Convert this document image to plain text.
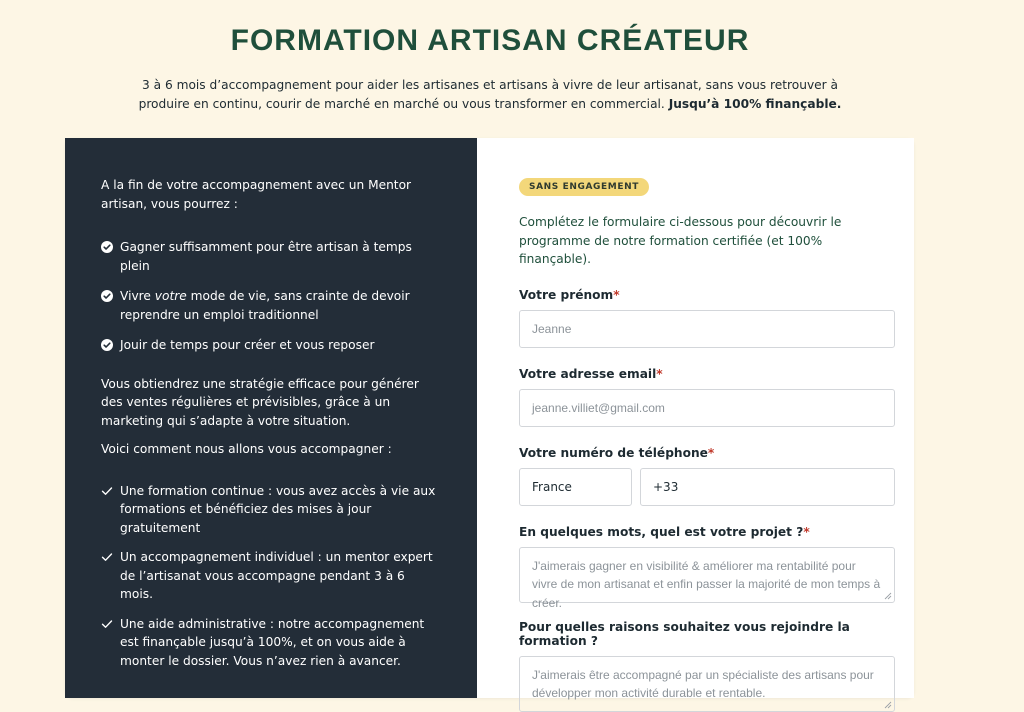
FORMATION ARTISAN CRÉATEUR

3 à 6 mois d’accompagnement pour aider les artisanes et artisans à vivre de leur artisanat, sans vous retrouver à produire en continu, courir de marché en marché ou vous transformer en commercial. Jusqu’à 100% finançable.

A la fin de votre accompagnement avec un Mentor artisan, vous pourrez :

Gagner suffisamment pour être artisan à temps plein
Vivre votre mode de vie, sans crainte de devoir reprendre un emploi traditionnel
Jouir de temps pour créer et vous reposer

Vous obtiendrez une stratégie efficace pour générer des ventes régulières et prévisibles, grâce à un marketing qui s’adapte à votre situation.

Voici comment nous allons vous accompagner :

Une formation continue : vous avez accès à vie aux formations et bénéficiez des mises à jour gratuitement
Un accompagnement individuel : un mentor expert de l’artisanat vous accompagne pendant 3 à 6 mois.
Une aide administrative : notre accompagnement est finançable jusqu’à 100%, et on vous aide à monter le dossier. Vous n’avez rien à avancer.
SANS ENGAGEMENT

Complétez le formulaire ci-dessous pour découvrir le programme de notre formation certifiée (et 100% finançable).

Votre prénom*
Jeanne
Votre adresse email*
jeanne.villiet@gmail.com
Votre numéro de téléphone*
France	+33
En quelques mots, quel est votre projet ?*
J'aimerais gagner en visibilité & améliorer ma rentabilité pour vivre de mon artisanat et enfin passer la majorité de mon temps à créer.
Pour quelles raisons souhaitez vous rejoindre la formation ?
J'aimerais être accompagné par un spécialiste des artisans pour développer mon activité durable et rentable.
